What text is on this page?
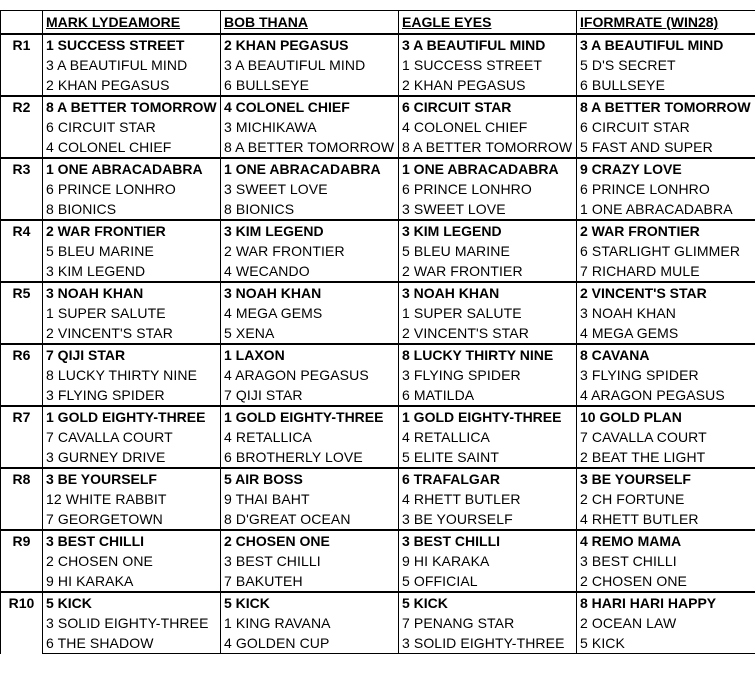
	MARK LYDEAMORE	BOB THANA	EAGLE EYES	IFORMRATE (WIN28)
R1	1 SUCCESS STREET	2 KHAN PEGASUS	3 A BEAUTIFUL MIND	3 A BEAUTIFUL MIND
	3 A BEAUTIFUL MIND	3 A BEAUTIFUL MIND	1 SUCCESS STREET	5 D'S SECRET
	2 KHAN PEGASUS	6 BULLSEYE	2 KHAN PEGASUS	6 BULLSEYE
R2	8 A BETTER TOMORROW	4 COLONEL CHIEF	6 CIRCUIT STAR	8 A BETTER TOMORROW
	6 CIRCUIT STAR	3 MICHIKAWA	4 COLONEL CHIEF	6 CIRCUIT STAR
	4 COLONEL CHIEF	8 A BETTER TOMORROW	8 A BETTER TOMORROW	5 FAST AND SUPER
R3	1 ONE ABRACADABRA	1 ONE ABRACADABRA	1 ONE ABRACADABRA	9 CRAZY LOVE
	6 PRINCE LONHRO	3 SWEET LOVE	6 PRINCE LONHRO	6 PRINCE LONHRO
	8 BIONICS	8 BIONICS	3 SWEET LOVE	1 ONE ABRACADABRA
R4	2 WAR FRONTIER	3 KIM LEGEND	3 KIM LEGEND	2 WAR FRONTIER
	5 BLEU MARINE	2 WAR FRONTIER	5 BLEU MARINE	6 STARLIGHT GLIMMER
	3 KIM LEGEND	4 WECANDO	2 WAR FRONTIER	7 RICHARD MULE
R5	3 NOAH KHAN	3 NOAH KHAN	3 NOAH KHAN	2 VINCENT'S STAR
	1 SUPER SALUTE	4 MEGA GEMS	1 SUPER SALUTE	3 NOAH KHAN
	2 VINCENT'S STAR	5 XENA	2 VINCENT'S STAR	4 MEGA GEMS
R6	7 QIJI STAR	1 LAXON	8 LUCKY THIRTY NINE	8 CAVANA
	8 LUCKY THIRTY NINE	4 ARAGON PEGASUS	3 FLYING SPIDER	3 FLYING SPIDER
	3 FLYING SPIDER	7 QIJI STAR	6 MATILDA	4 ARAGON PEGASUS
R7	1 GOLD EIGHTY-THREE	1 GOLD EIGHTY-THREE	1 GOLD EIGHTY-THREE	10 GOLD PLAN
	7 CAVALLA COURT	4 RETALLICA	4 RETALLICA	7 CAVALLA COURT
	3 GURNEY DRIVE	6 BROTHERLY LOVE	5 ELITE SAINT	2 BEAT THE LIGHT
R8	3 BE YOURSELF	5 AIR BOSS	6 TRAFALGAR	3 BE YOURSELF
	12 WHITE RABBIT	9 THAI BAHT	4 RHETT BUTLER	2 CH FORTUNE
	7 GEORGETOWN	8 D'GREAT OCEAN	3 BE YOURSELF	4 RHETT BUTLER
R9	3 BEST CHILLI	2 CHOSEN ONE	3 BEST CHILLI	4 REMO MAMA
	2 CHOSEN ONE	3 BEST CHILLI	9 HI KARAKA	3 BEST CHILLI
	9 HI KARAKA	7 BAKUTEH	5 OFFICIAL	2 CHOSEN ONE
R10	5 KICK	5 KICK	5 KICK	8 HARI HARI HAPPY
	3 SOLID EIGHTY-THREE	1 KING RAVANA	7 PENANG STAR	2 OCEAN LAW
	6 THE SHADOW	4 GOLDEN CUP	3 SOLID EIGHTY-THREE	5 KICK
